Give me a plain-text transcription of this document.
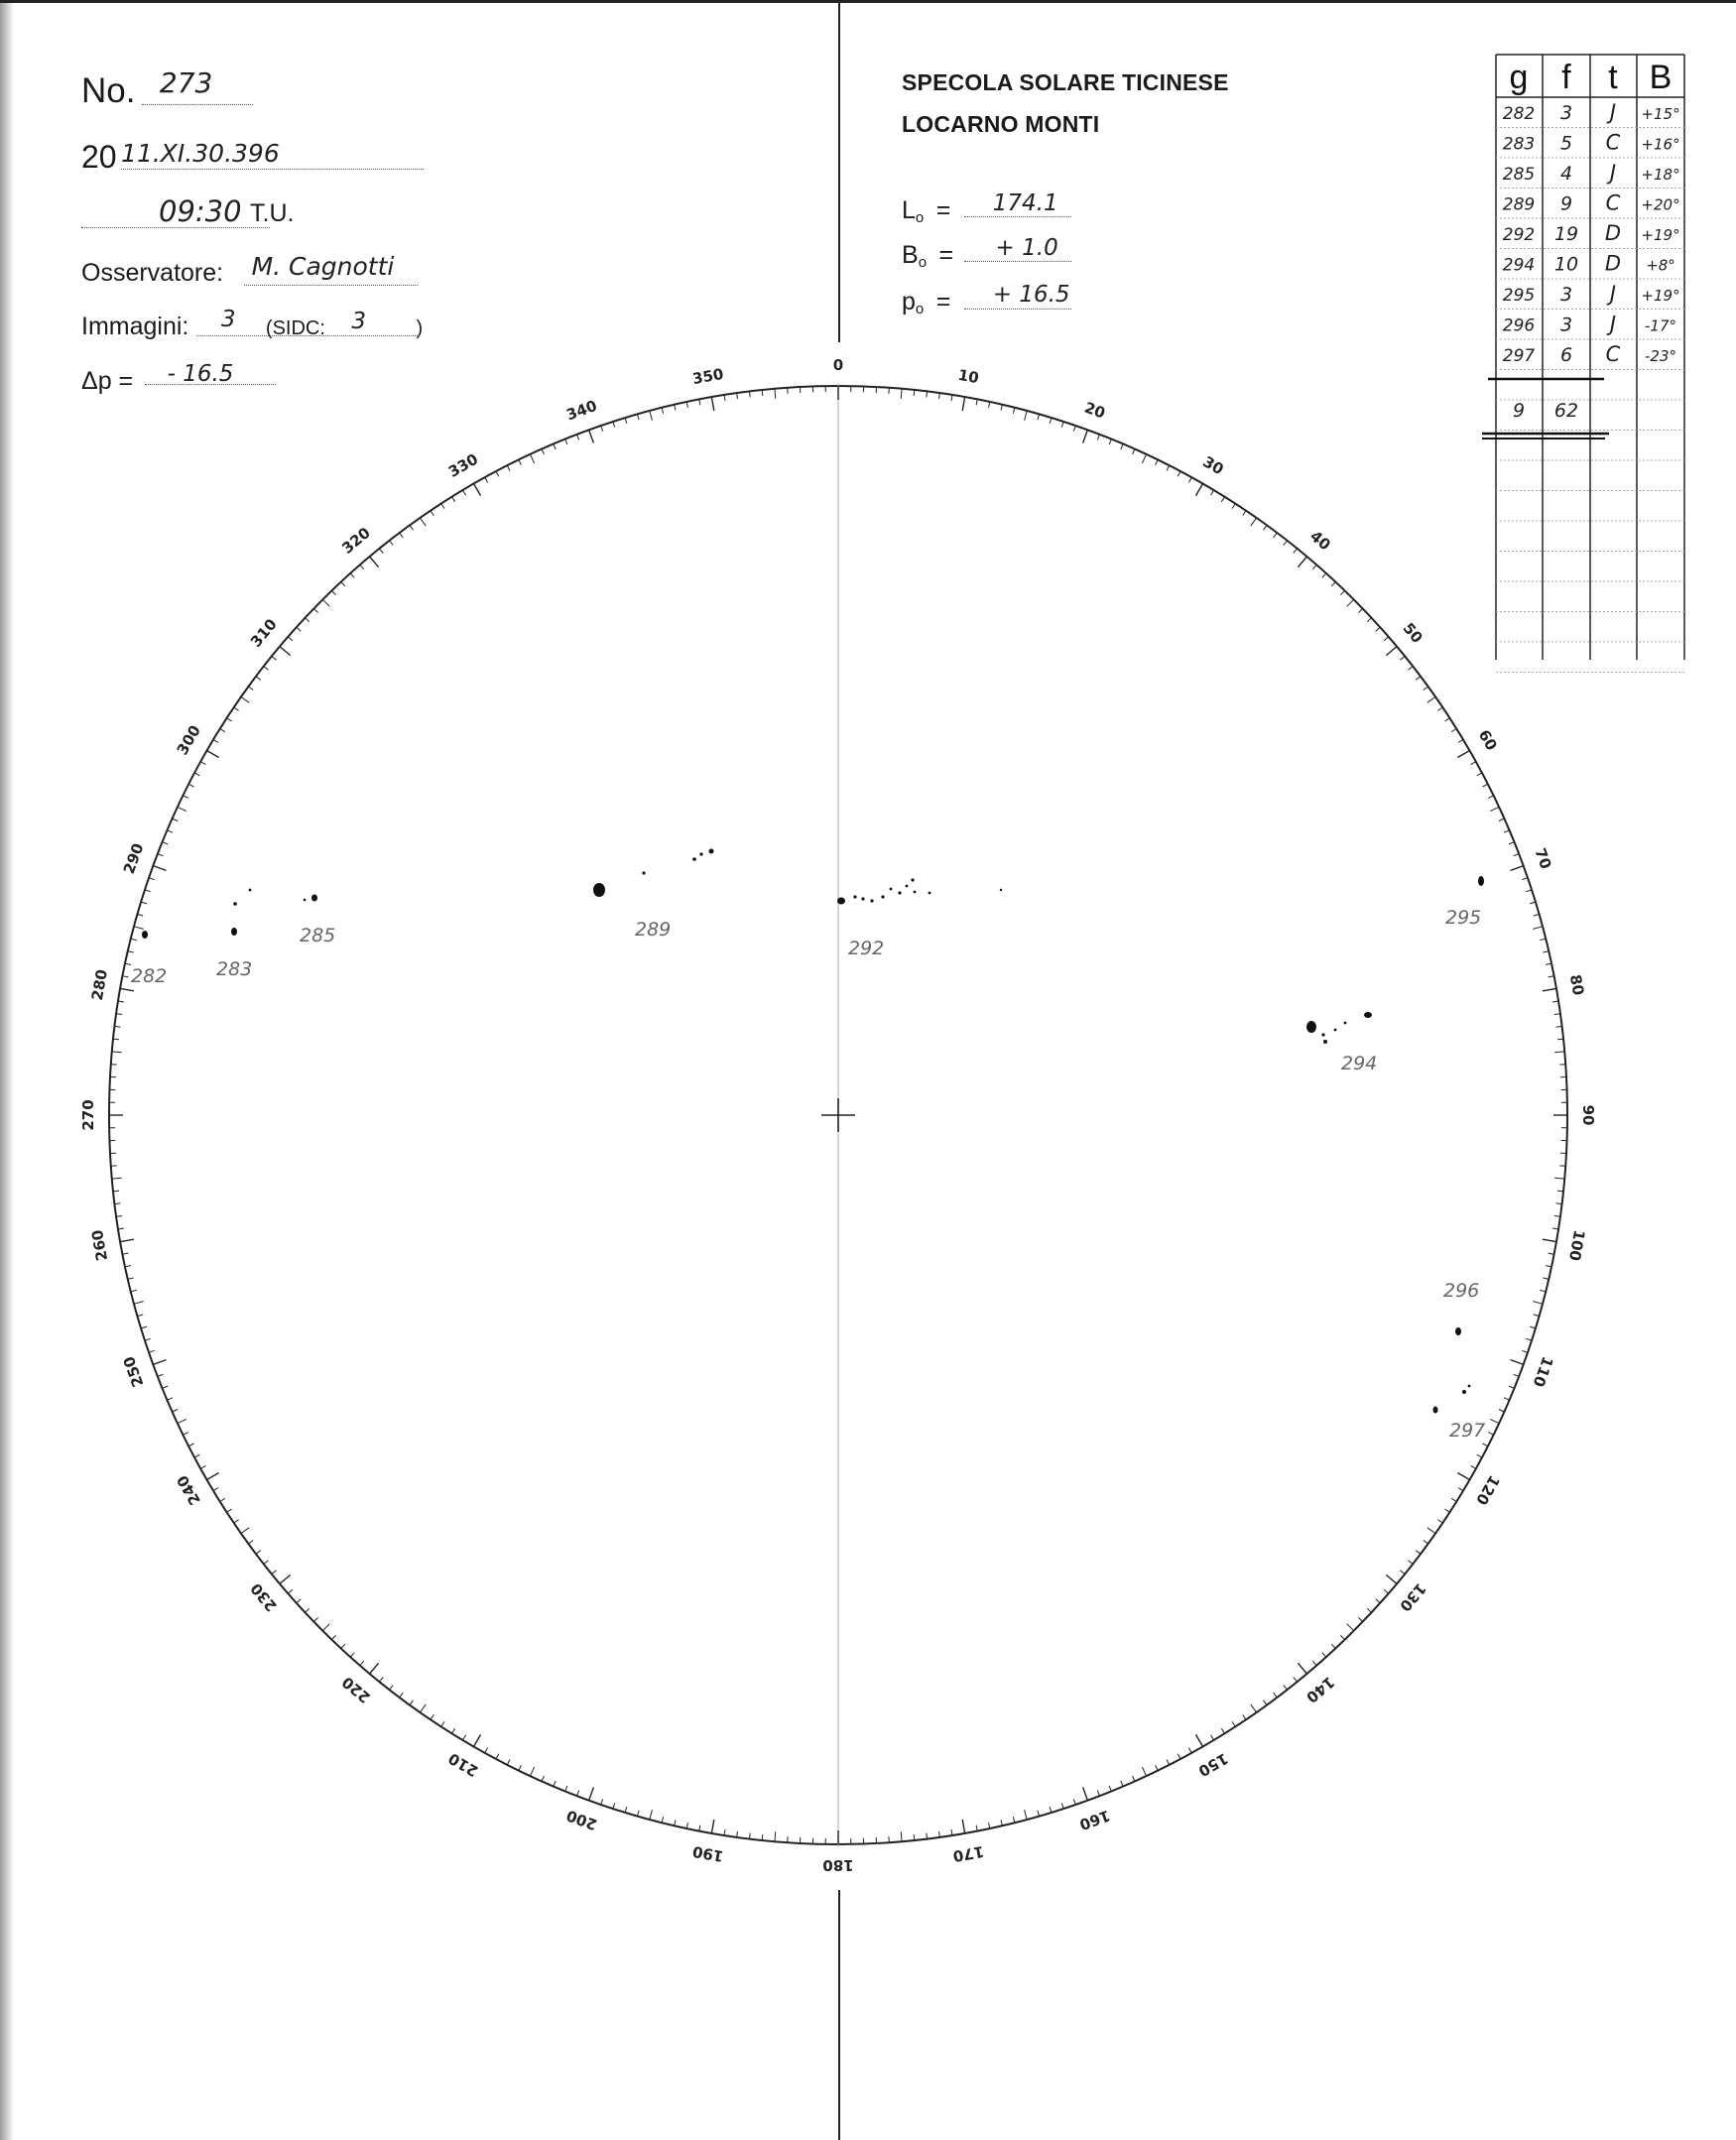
No. 273
20 11.XI.30.396
09:30 T.U.
Osservatore: M. Cagnotti
Immagini: 3 (SIDC: 3	)
Δp = - 16.5
SPECOLA SOLARE TICINESE
LOCARNO MONTI
$L_o = 174.1$
$B_o$ = + 1.0
$p_o$ = + 16.5
0
10
20
30
40
50
60
70
80
90
100
110
120
130
140
150
160
170
180
190
200
210
220
230
240
250
260
270
280
290
300
310
320
330
340
350
282	283
285	289
292
294
295
296
297
g f t B
282 3 J +15°
283 5 C +16°
285 4 J +18°
289 9 C +20°
292 19 D +19°
294 10 D +8°
295 3 J +19°
296 3 J -17°
297 6 C -23°
9 62
